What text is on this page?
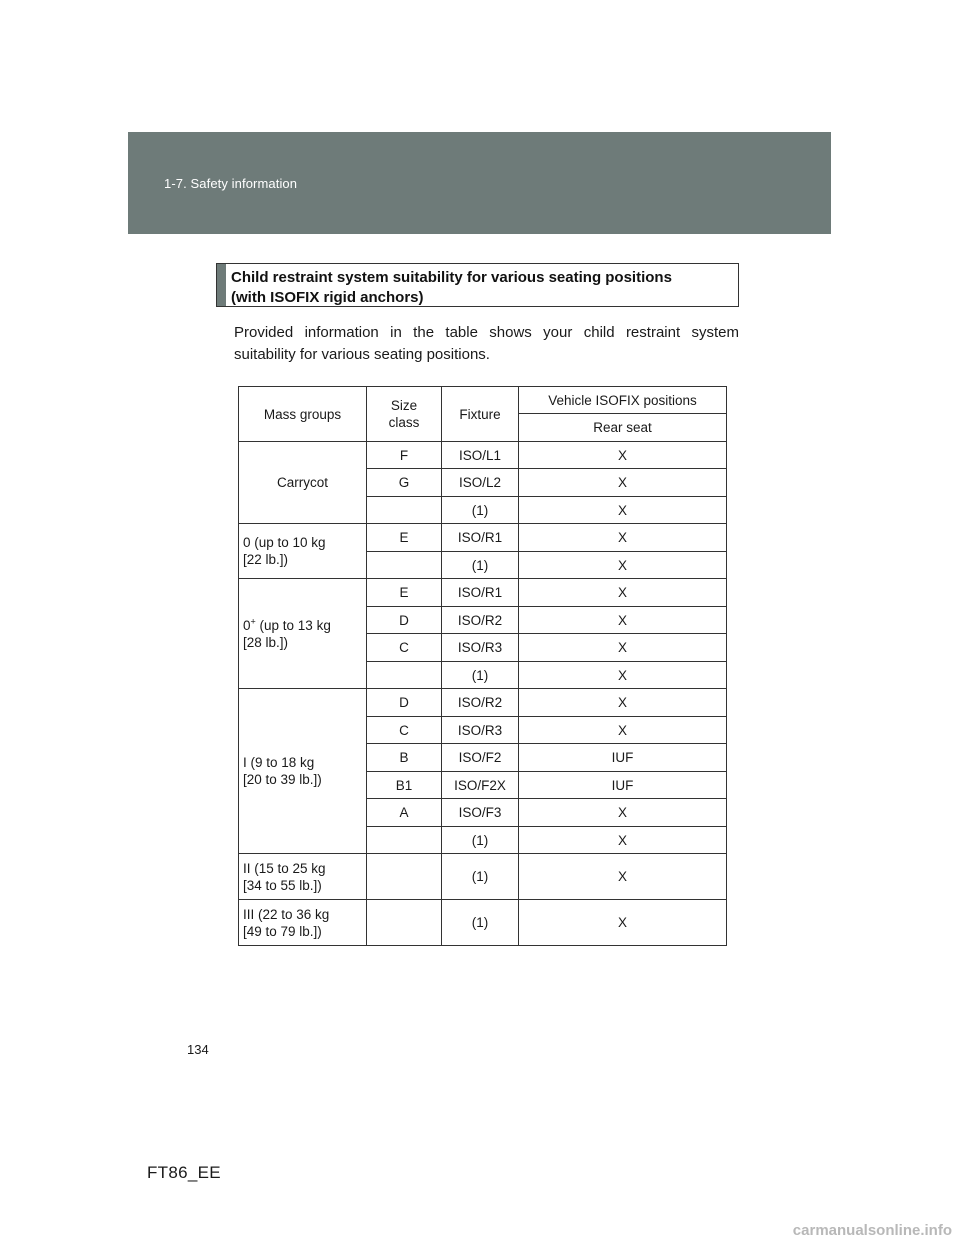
1-7. Safety information
Child restraint system suitability for various seating positions
(with ISOFIX rigid anchors)
Provided information in the table shows your child restraint system suitability for various seating positions.
Mass groups	Size
class	Fixture	Vehicle ISOFIX positions
			Rear seat
Carrycot	F	ISO/L1	X
	G	ISO/L2	X
		(1)	X
0 (up to 10 kg
[22 lb.])	E	ISO/R1	X
		(1)	X
0+ (up to 13 kg
[28 lb.])	E	ISO/R1	X
	D	ISO/R2	X
	C	ISO/R3	X
		(1)	X
I (9 to 18 kg
[20 to 39 lb.])	D	ISO/R2	X
	C	ISO/R3	X
	B	ISO/F2	IUF
	B1	ISO/F2X	IUF
	A	ISO/F3	X
		(1)	X
II (15 to 25 kg
[34 to 55 lb.])		(1)	X
III (22 to 36 kg
[49 to 79 lb.])		(1)	X
134
FT86_EE
carmanualsonline.info
